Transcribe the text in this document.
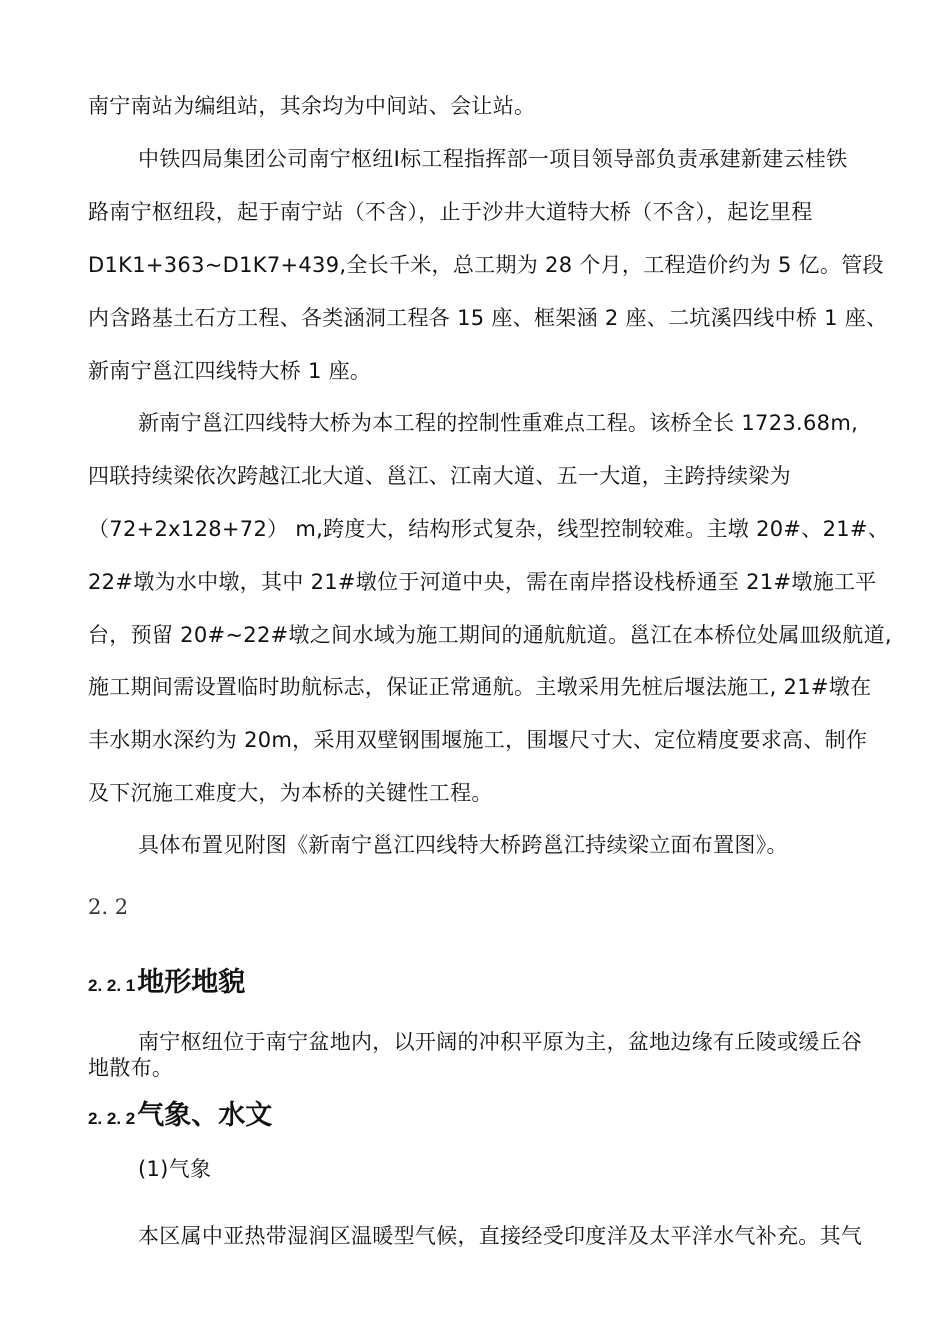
南宁南站为编组站，其余均为中间站、会让站。
中铁四局集团公司南宁枢纽Ⅰ标工程指挥部一项目领导部负责承建新建云桂铁
路南宁枢纽段，起于南宁站（不含），止于沙井大道特大桥（不含），起讫里程
D1K1+363~D1K7+439,全长千米，总工期为 28 个月，工程造价约为 5 亿。管段
内含路基土石方工程、各类涵洞工程各 15 座、框架涵 2 座、二坑溪四线中桥 1 座、
新南宁邕江四线特大桥 1 座。
新南宁邕江四线特大桥为本工程的控制性重难点工程。该桥全长 1723.68m,
四联持续梁依次跨越江北大道、邕江、江南大道、五一大道，主跨持续梁为
（72+2x128+72） m,跨度大，结构形式复杂，线型控制较难。主墩 20#、21#、
22#墩为水中墩，其中 21#墩位于河道中央，需在南岸搭设栈桥通至 21#墩施工平
台，预留 20#~22#墩之间水域为施工期间的通航航道。邕江在本桥位处属皿级航道,
施工期间需设置临时助航标志，保证正常通航。主墩采用先桩后堰法施工, 21#墩在
丰水期水深约为 20m，采用双壁钢围堰施工，围堰尺寸大、定位精度要求高、制作
及下沉施工难度大，为本桥的关键性工程。
具体布置见附图《新南宁邕江四线特大桥跨邕江持续梁立面布置图》。
2. 2
2. 2. 1地形地貌
南宁枢纽位于南宁盆地内，以开阔的冲积平原为主，盆地边缘有丘陵或缓丘谷
地散布。
2. 2. 2气象、水文
(1)气象
本区属中亚热带湿润区温暖型气候，直接经受印度洋及太平洋水气补充。其气
